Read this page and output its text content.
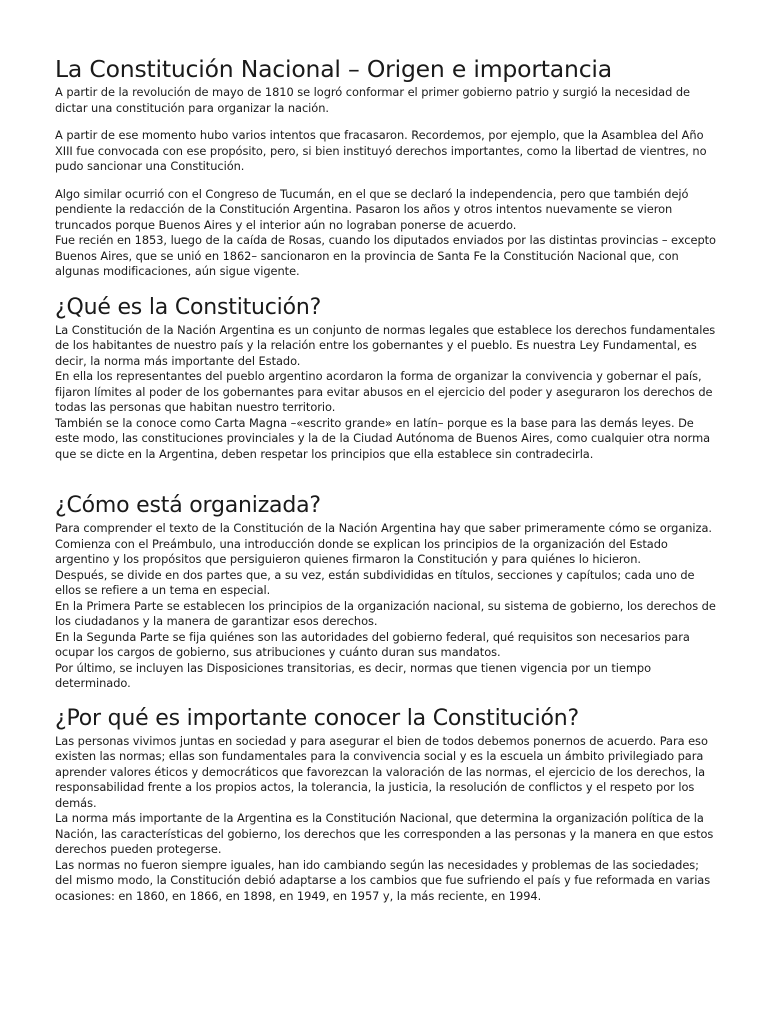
La Constitución Nacional – Origen e importancia

A partir de la revolución de mayo de 1810 se logró conformar el primer gobierno patrio y surgió la necesidad de dictar una constitución para organizar la nación.

A partir de ese momento hubo varios intentos que fracasaron. Recordemos, por ejemplo, que la Asamblea del Año XIII fue convocada con ese propósito, pero, si bien instituyó derechos importantes, como la libertad de vientres, no pudo sancionar una Constitución.

Algo similar ocurrió con el Congreso de Tucumán, en el que se declaró la independencia, pero que también dejó pendiente la redacción de la Constitución Argentina. Pasaron los años y otros intentos nuevamente se vieron truncados porque Buenos Aires y el interior aún no lograban ponerse de acuerdo.

Fue recién en 1853, luego de la caída de Rosas, cuando los diputados enviados por las distintas provincias – excepto Buenos Aires, que se unió en 1862– sancionaron en la provincia de Santa Fe la Constitución Nacional que, con algunas modificaciones, aún sigue vigente.

¿Qué es la Constitución?

La Constitución de la Nación Argentina es un conjunto de normas legales que establece los derechos fundamentales de los habitantes de nuestro país y la relación entre los gobernantes y el pueblo. Es nuestra Ley Fundamental, es decir, la norma más importante del Estado.

En ella los representantes del pueblo argentino acordaron la forma de organizar la convivencia y gobernar el país, fijaron límites al poder de los gobernantes para evitar abusos en el ejercicio del poder y aseguraron los derechos de todas las personas que habitan nuestro territorio.

También se la conoce como Carta Magna –«escrito grande» en latín– porque es la base para las demás leyes. De este modo, las constituciones provinciales y la de la Ciudad Autónoma de Buenos Aires, como cualquier otra norma que se dicte en la Argentina, deben respetar los principios que ella establece sin contradecirla.

¿Cómo está organizada?

Para comprender el texto de la Constitución de la Nación Argentina hay que saber primeramente cómo se organiza.

Comienza con el Preámbulo, una introducción donde se explican los principios de la organización del Estado argentino y los propósitos que persiguieron quienes firmaron la Constitución y para quiénes lo hicieron.

Después, se divide en dos partes que, a su vez, están subdivididas en títulos, secciones y capítulos; cada uno de ellos se refiere a un tema en especial.

En la Primera Parte se establecen los principios de la organización nacional, su sistema de gobierno, los derechos de los ciudadanos y la manera de garantizar esos derechos.

En la Segunda Parte se fija quiénes son las autoridades del gobierno federal, qué requisitos son necesarios para ocupar los cargos de gobierno, sus atribuciones y cuánto duran sus mandatos.

Por último, se incluyen las Disposiciones transitorias, es decir, normas que tienen vigencia por un tiempo determinado.

¿Por qué es importante conocer la Constitución?

Las personas vivimos juntas en sociedad y para asegurar el bien de todos debemos ponernos de acuerdo. Para eso existen las normas; ellas son fundamentales para la convivencia social y es la escuela un ámbito privilegiado para aprender valores éticos y democráticos que favorezcan la valoración de las normas, el ejercicio de los derechos, la responsabilidad frente a los propios actos, la tolerancia, la justicia, la resolución de conflictos y el respeto por los demás.

La norma más importante de la Argentina es la Constitución Nacional, que determina la organización política de la Nación, las características del gobierno, los derechos que les corresponden a las personas y la manera en que estos derechos pueden protegerse.

Las normas no fueron siempre iguales, han ido cambiando según las necesidades y problemas de las sociedades; del mismo modo, la Constitución debió adaptarse a los cambios que fue sufriendo el país y fue reformada en varias ocasiones: en 1860, en 1866, en 1898, en 1949, en 1957 y, la más reciente, en 1994.
